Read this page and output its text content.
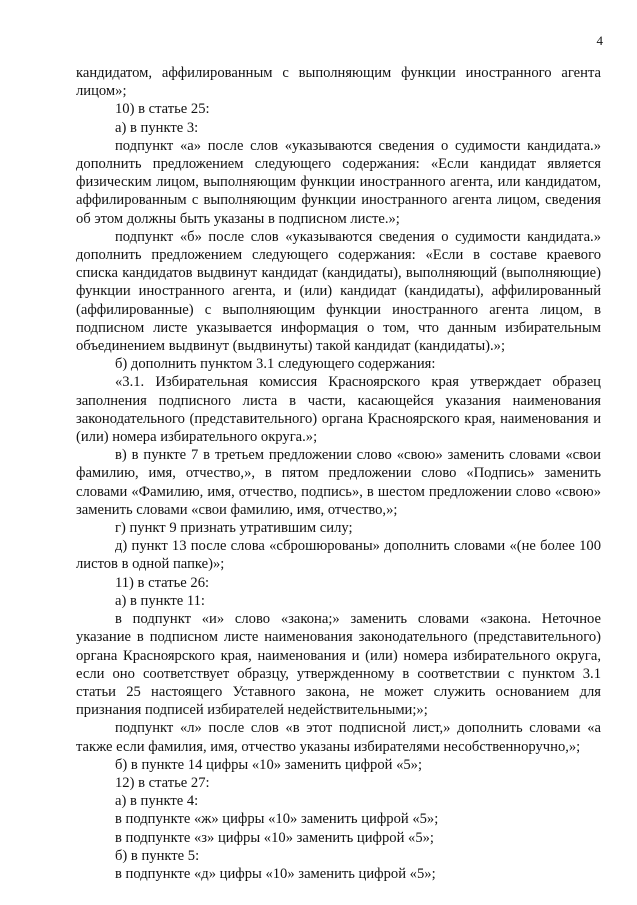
4

кандидатом, аффилированным с выполняющим функции иностранного агента лицом»;

10) в статье 25:

а) в пункте 3:

подпункт «а» после слов «указываются сведения о судимости кандидата.» дополнить предложением следующего содержания: «Если кандидат является физическим лицом, выполняющим функции иностранного агента, или кандидатом, аффилированным с выполняющим функции иностранного агента лицом, сведения об этом должны быть указаны в подписном листе.»;

подпункт «б» после слов «указываются сведения о судимости кандидата.» дополнить предложением следующего содержания: «Если в составе краевого списка кандидатов выдвинут кандидат (кандидаты), выполняющий (выполняющие) функции иностранного агента, и (или) кандидат (кандидаты), аффилированный (аффилированные) с выполняющим функции иностранного агента лицом, в подписном листе указывается информация о том, что данным избирательным объединением выдвинут (выдвинуты) такой кандидат (кандидаты).»;

б) дополнить пунктом 3.1 следующего содержания:

«3.1. Избирательная комиссия Красноярского края утверждает образец заполнения подписного листа в части, касающейся указания наименования законодательного (представительного) органа Красноярского края, наименования и (или) номера избирательного округа.»;

в) в пункте 7 в третьем предложении слово «свою» заменить словами «свои фамилию, имя, отчество,», в пятом предложении слово «Подпись» заменить словами «Фамилию, имя, отчество, подпись», в шестом предложении слово «свою» заменить словами «свои фамилию, имя, отчество,»;

г) пункт 9 признать утратившим силу;

д) пункт 13 после слова «сброшюрованы» дополнить словами «(не более 100 листов в одной папке)»;

11) в статье 26:

а) в пункте 11:

в подпункт «и» слово «закона;» заменить словами «закона. Неточное указание в подписном листе наименования законодательного (представительного) органа Красноярского края, наименования и (или) номера избирательного округа, если оно соответствует образцу, утвержденному в соответствии с пунктом 3.1 статьи 25 настоящего Уставного закона, не может служить основанием для признания подписей избирателей недействительными;»;

подпункт «л» после слов «в этот подписной лист,» дополнить словами «а также если фамилия, имя, отчество указаны избирателями несобственноручно,»;

б) в пункте 14 цифры «10» заменить цифрой «5»;

12) в статье 27:

а) в пункте 4:

в подпункте «ж» цифры «10» заменить цифрой «5»;

в подпункте «з» цифры «10» заменить цифрой «5»;

б) в пункте 5:

в подпункте «д» цифры «10» заменить цифрой «5»;
